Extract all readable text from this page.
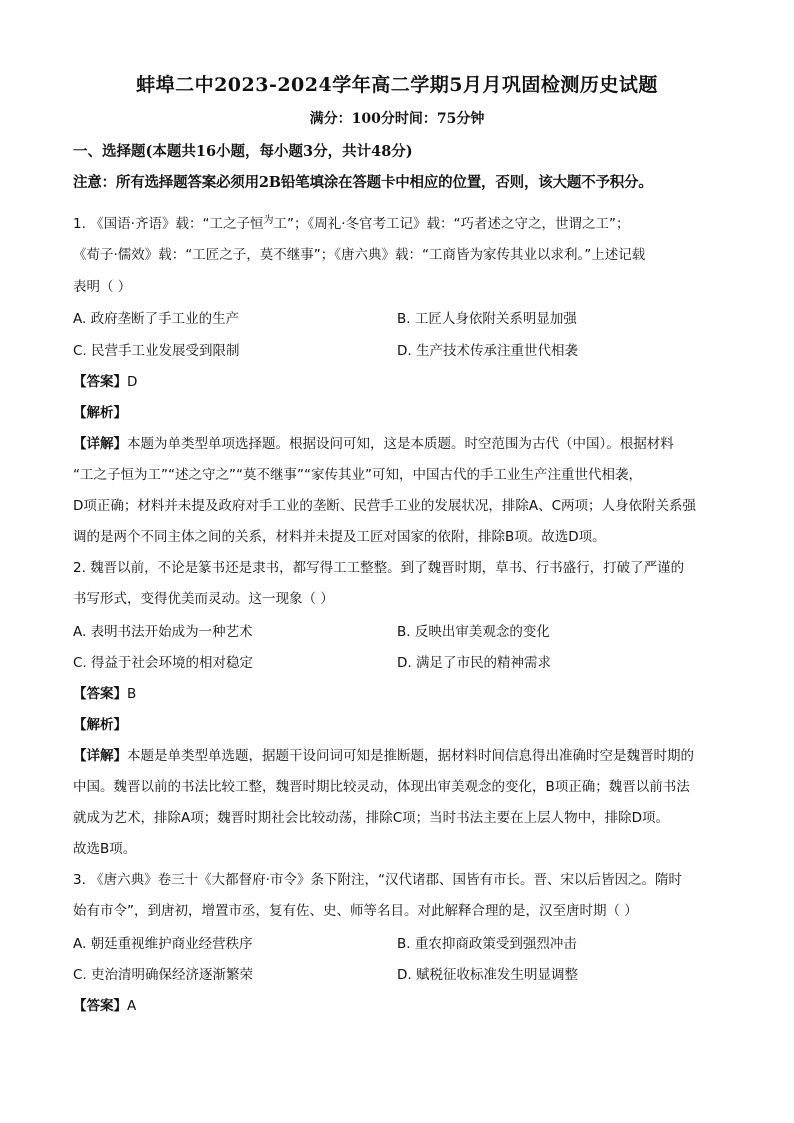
蚌埠二中2023-2024学年高二学期5月月巩固检测历史试题
满分：100分时间：75分钟
一、选择题(本题共16小题，每小题3分，共计48分)
注意：所有选择题答案必须用2B铅笔填涂在答题卡中相应的位置，否则，该大题不予积分。
1. 《国语·齐语》载：“工之子恒$^为$工”；《周礼·冬官考工记》载：“巧者述之守之，世谓之工”；
《荀子·儒效》载：“工匠之子，莫不继事”；《唐六典》载：“工商皆为家传其业以求利。”上述记载
表明（ ）
A. 政府垄断了手工业的生产	B. 工匠人身依附关系明显加强
C. 民营手工业发展受到限制	D. 生产技术传承注重世代相袭
【答案】D
【解析】
【详解】本题为单类型单项选择题。根据设问可知，这是本质题。时空范围为古代（中国）。根据材料
“工之子恒为工”“述之守之”“莫不继事”“家传其业”可知，中国古代的手工业生产注重世代相袭，
D项正确；材料并未提及政府对手工业的垄断、民营手工业的发展状况，排除A、C两项；人身依附关系强
调的是两个不同主体之间的关系，材料并未提及工匠对国家的依附，排除B项。故选D项。
2. 魏晋以前，不论是篆书还是隶书，都写得工工整整。到了魏晋时期，草书、行书盛行，打破了严谨的
书写形式，变得优美而灵动。这一现象（ ）
A. 表明书法开始成为一种艺术	B. 反映出审美观念的变化
C. 得益于社会环境的相对稳定	D. 满足了市民的精神需求
【答案】B
【解析】
【详解】本题是单类型单选题，据题干设问词可知是推断题，据材料时间信息得出准确时空是魏晋时期的
中国。魏晋以前的书法比较工整，魏晋时期比较灵动，体现出审美观念的变化，B项正确；魏晋以前书法
就成为艺术，排除A项；魏晋时期社会比较动荡，排除C项；当时书法主要在上层人物中，排除D项。
故选B项。
3. 《唐六典》卷三十《大都督府·市令》条下附注，“汉代诸郡、国皆有市长。晋、宋以后皆因之。隋时
始有市令”，到唐初，增置市丞，复有佐、史、师等名目。对此解释合理的是，汉至唐时期（ ）
A. 朝廷重视维护商业经营秩序	B. 重农抑商政策受到强烈冲击
C. 吏治清明确保经济逐渐繁荣	D. 赋税征收标准发生明显调整
【答案】A
